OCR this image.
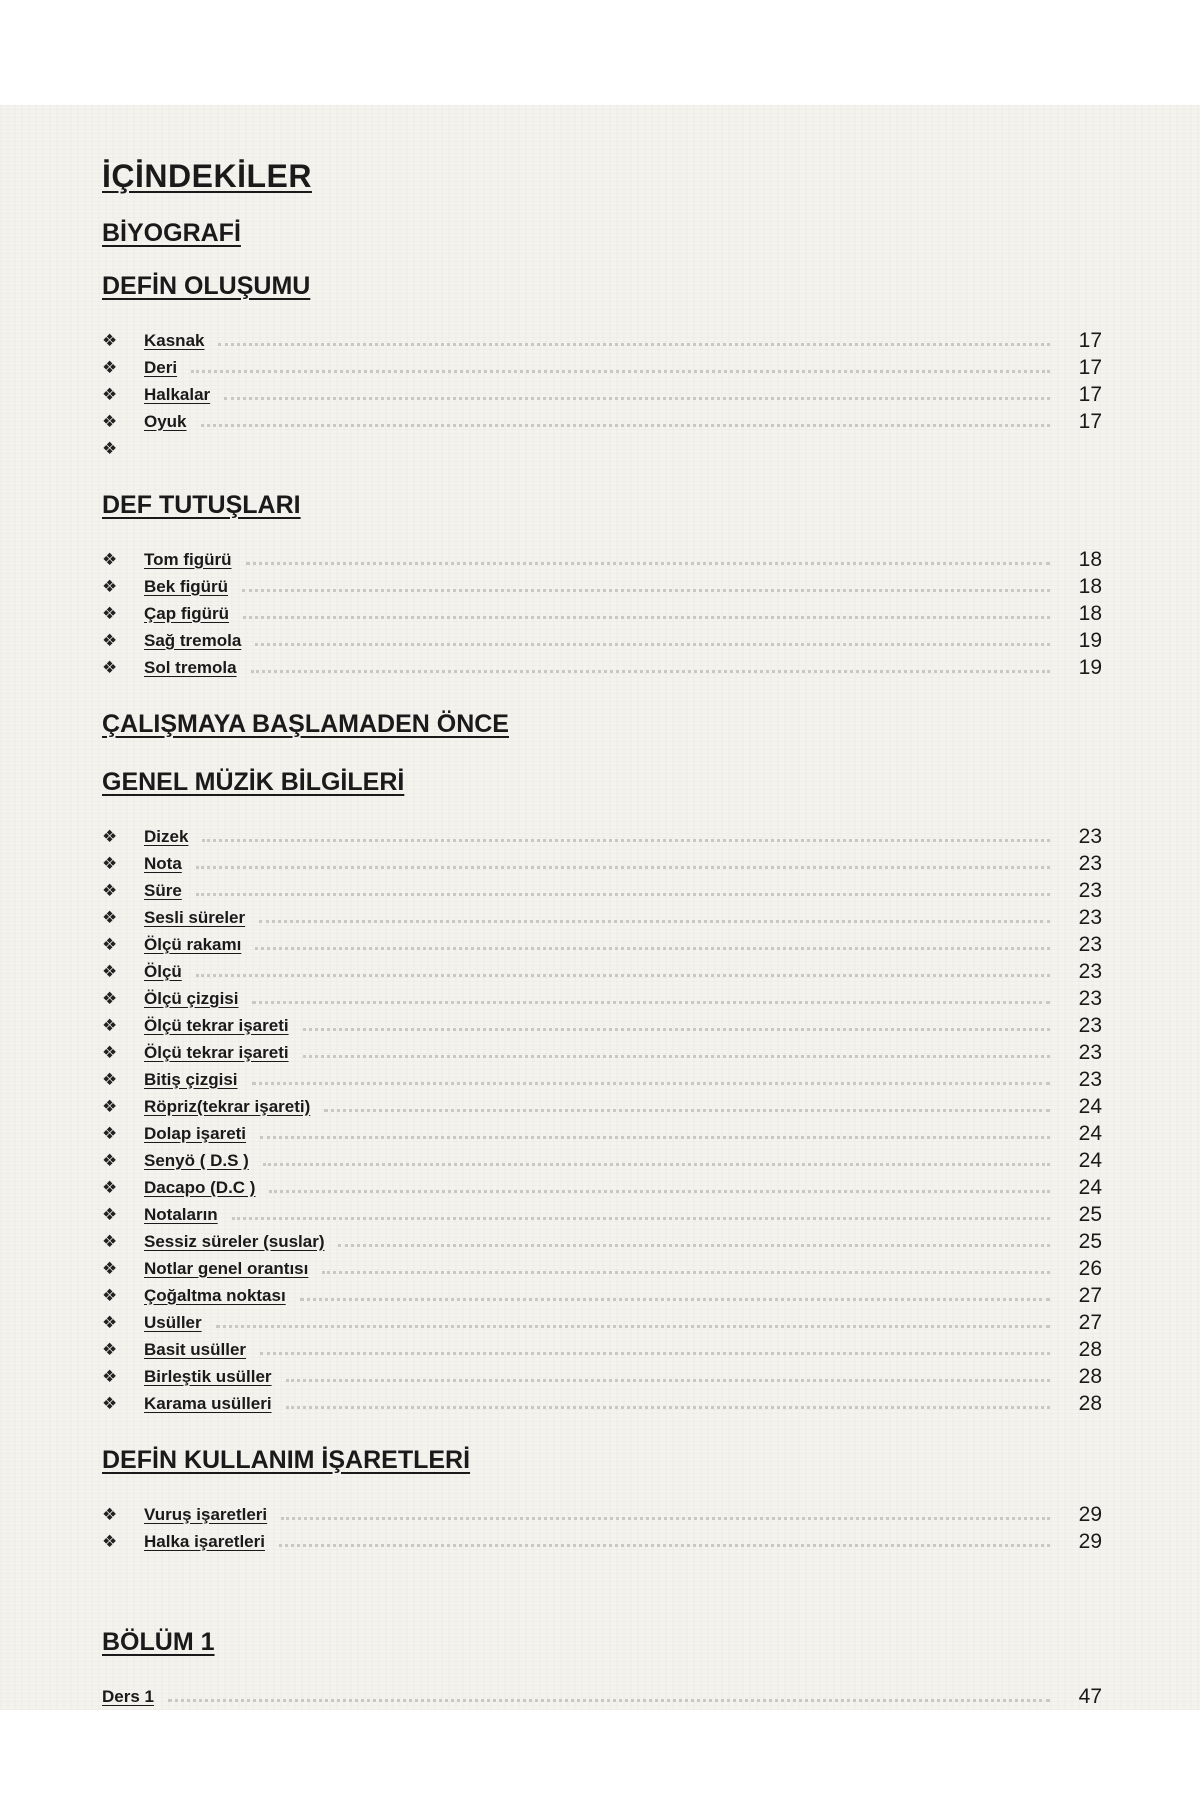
İÇİNDEKİLER
BİYOGRAFİ
DEFİN OLUŞUMU
❖	Kasnak	17
❖	Deri	17
❖	Halkalar	17
❖	Oyuk	17
❖
DEF TUTUŞLARI
❖	Tom figürü	18
❖	Bek figürü	18
❖	Çap figürü	18
❖	Sağ tremola	19
❖	Sol tremola	19
ÇALIŞMAYA BAŞLAMADEN ÖNCE
GENEL MÜZİK BİLGİLERİ
❖	Dizek	23
❖	Nota	23
❖	Süre	23
❖	Sesli süreler	23
❖	Ölçü rakamı	23
❖	Ölçü	23
❖	Ölçü çizgisi	23
❖	Ölçü tekrar işareti	23
❖	Ölçü tekrar işareti	23
❖	Bitiş çizgisi	23
❖	Röpriz(tekrar işareti)	24
❖	Dolap işareti	24
❖	Senyö ( D.S )	24
❖	Dacapo (D.C )	24
❖	Notaların	25
❖	Sessiz süreler (suslar)	25
❖	Notlar genel orantısı	26
❖	Çoğaltma noktası	27
❖	Usüller	27
❖	Basit usüller	28
❖	Birleştik usüller	28
❖	Karama usülleri	28
DEFİN KULLANIM İŞARETLERİ
❖	Vuruş işaretleri	29
❖	Halka işaretleri	29
BÖLÜM 1
Ders 1	47
